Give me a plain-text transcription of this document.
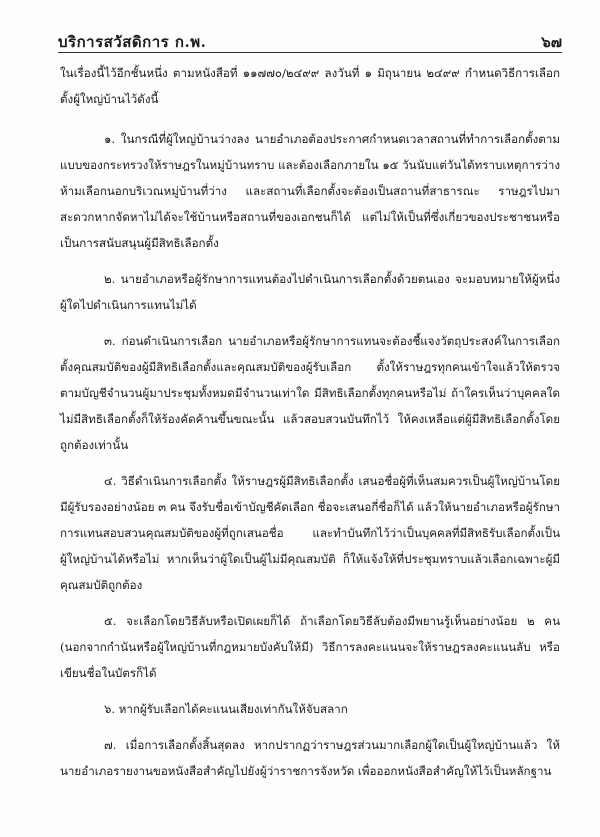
บริการสวัสดิการ ก.พ.	๖๗

ในเรื่องนี้ไว้อีกชั้นหนึ่ง ตามหนังสือที่ ๑๑๗๗๐/๒๔๙๙ ลงวันที่ ๑ มิถุนายน ๒๔๙๙ กำหนดวิธีการเลือกตั้งผู้ใหญ่บ้านไว้ดังนี้

๑. ในกรณีที่ผู้ใหญ่บ้านว่างลง นายอำเภอต้องประกาศกำหนดเวลาสถานที่ทำการเลือกตั้งตามแบบของกระทรวงให้ราษฎรในหมู่บ้านทราบ และต้องเลือกภายใน ๑๕ วันนับแต่วันได้ทราบเหตุการว่าง ห้ามเลือกนอกบริเวณหมู่บ้านที่ว่าง และสถานที่เลือกตั้งจะต้องเป็นสถานที่สาธารณะ ราษฎรไปมาสะดวกหากจัดหาไม่ได้จะใช้บ้านหรือสถานที่ของเอกชนก็ได้ แต่ไม่ให้เป็นที่ซึ่งเกี่ยวของประชาชนหรือเป็นการสนับสนุนผู้มีสิทธิเลือกตั้ง

๒. นายอำเภอหรือผู้รักษาการแทนต้องไปดำเนินการเลือกตั้งด้วยตนเอง จะมอบหมายให้ผู้หนึ่งผู้ใดไปดำเนินการแทนไม่ได้

๓. ก่อนดำเนินการเลือก นายอำเภอหรือผู้รักษาการแทนจะต้องชี้แจงวัตถุประสงค์ในการเลือกตั้งคุณสมบัติของผู้มีสิทธิเลือกตั้งและคุณสมบัติของผู้รับเลือก ตั้งให้ราษฎรทุกคนเข้าใจแล้วให้ตรวจตามบัญชีจำนวนผู้มาประชุมทั้งหมดมีจำนวนเท่าใด มีสิทธิเลือกตั้งทุกคนหรือไม่ ถ้าใครเห็นว่าบุคคลใดไม่มีสิทธิเลือกตั้งก็ให้ร้องคัดค้านขึ้นขณะนั้น แล้วสอบสวนบันทึกไว้ ให้คงเหลือแต่ผู้มีสิทธิเลือกตั้งโดยถูกต้องเท่านั้น

๔. วิธีดำเนินการเลือกตั้ง ให้ราษฎรผู้มีสิทธิเลือกตั้ง เสนอชื่อผู้ที่เห็นสมควรเป็นผู้ใหญ่บ้านโดยมีผู้รับรองอย่างน้อย ๓ คน จึงรับชื่อเข้าบัญชีคัดเลือก ชื่อจะเสนอกี่ชื่อก็ได้ แล้วให้นายอำเภอหรือผู้รักษาการแทนสอบสวนคุณสมบัติของผู้ที่ถูกเสนอชื่อ และทำบันทึกไว้ว่าเป็นบุคคลที่มีสิทธิรับเลือกตั้งเป็นผู้ใหญ่บ้านได้หรือไม่ หากเห็นว่าผู้ใดเป็นผู้ไม่มีคุณสมบัติ ก็ให้แจ้งให้ที่ประชุมทราบแล้วเลือกเฉพาะผู้มีคุณสมบัติถูกต้อง

๕. จะเลือกโดยวิธีลับหรือเปิดเผยก็ได้ ถ้าเลือกโดยวิธีลับต้องมีพยานรู้เห็นอย่างน้อย ๒ คน (นอกจากกำนันหรือผู้ใหญ่บ้านที่กฎหมายบังคับให้มี) วิธีการลงคะแนนจะให้ราษฎรลงคะแนนลับ หรือเขียนชื่อในบัตรก็ได้

๖. หากผู้รับเลือกได้คะแนนเสียงเท่ากันให้จับสลาก

๗. เมื่อการเลือกตั้งสิ้นสุดลง หากปรากฏว่าราษฎรส่วนมากเลือกผู้ใดเป็นผู้ใหญ่บ้านแล้ว ให้นายอำเภอรายงานขอหนังสือสำคัญไปยังผู้ว่าราชการจังหวัด เพื่อออกหนังสือสำคัญให้ไว้เป็นหลักฐาน
